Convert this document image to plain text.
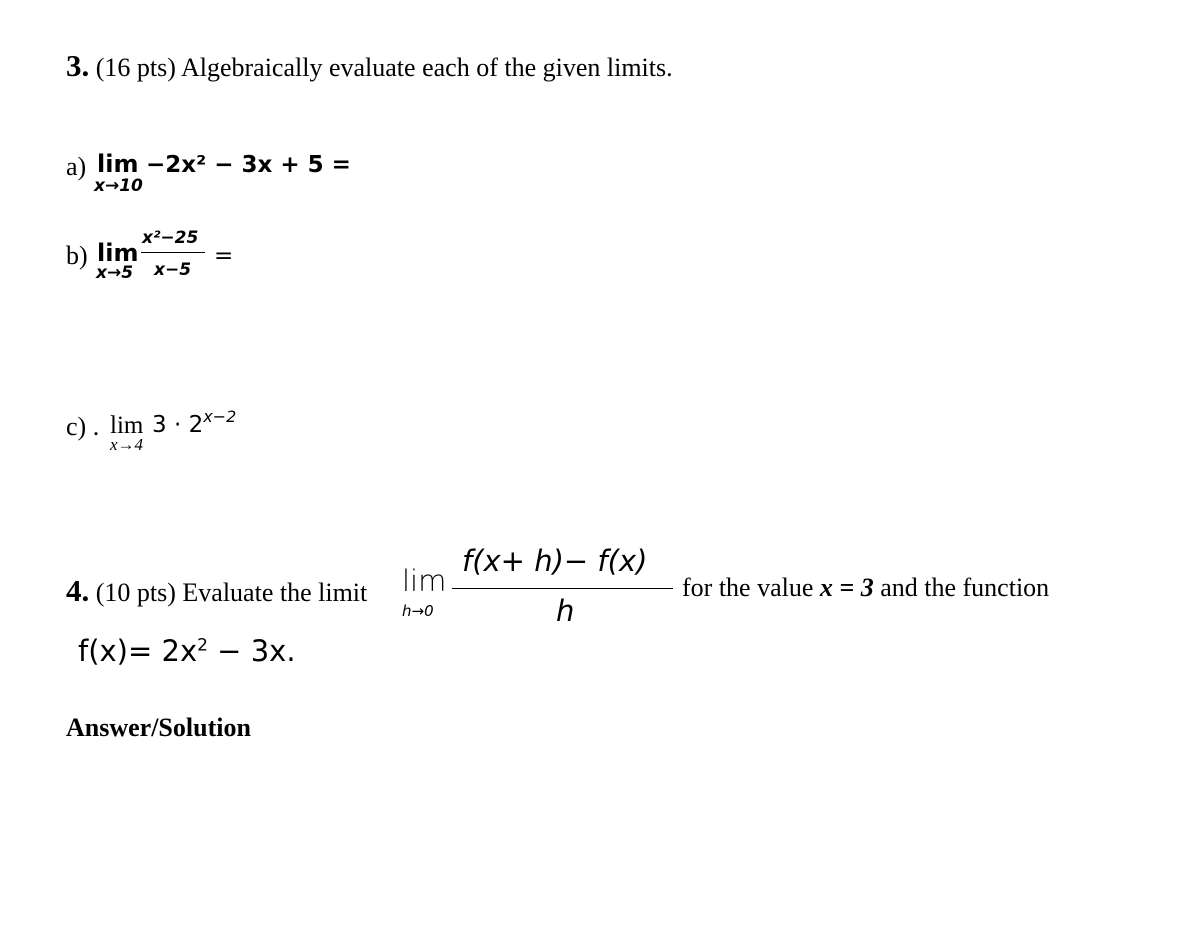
3. (16 pts) Algebraically evaluate each of the given limits.
a) lim
x→10
−2x² − 3x + 5 =
b) lim
x→5
x²−25
x−5
=
c) . lim
x→4
$3 \cdot 2^{x-2}$
4. (10 pts) Evaluate the limit lim
h→0
f(x+ h)− f(x)
h
for the value x = 3 and the function
$f(x)= 2x^2 - 3x$.
Answer/Solution
